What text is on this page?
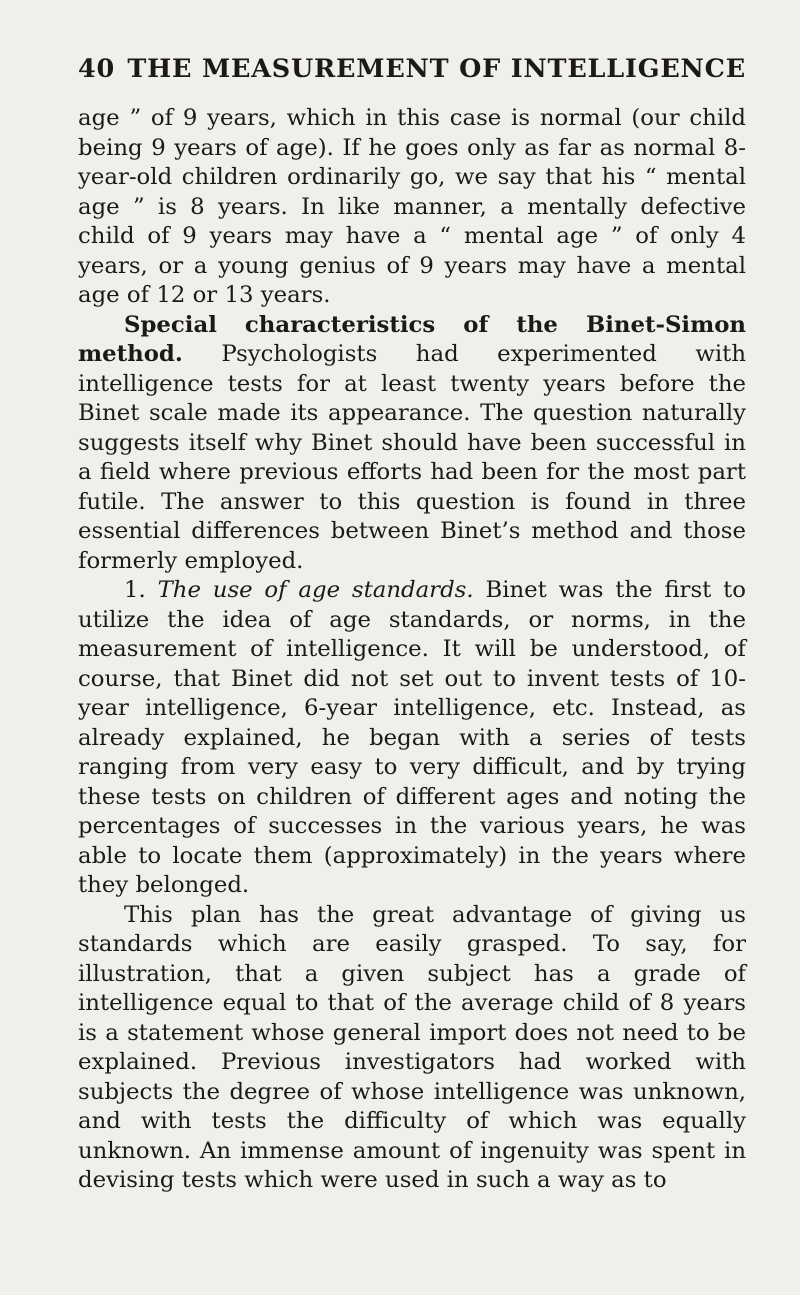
40 THE MEASUREMENT OF INTELLIGENCE

age ” of 9 years, which in this case is normal (our child being 9 years of age). If he goes only as far as normal 8-year-old children ordinarily go, we say that his “ mental age ” is 8 years. In like manner, a mentally defective child of 9 years may have a “ mental age ” of only 4 years, or a young genius of 9 years may have a mental age of 12 or 13 years.

Special characteristics of the Binet-Simon method. Psychologists had experimented with intelligence tests for at least twenty years before the Binet scale made its appearance. The question naturally suggests itself why Binet should have been successful in a field where previous efforts had been for the most part futile. The answer to this question is found in three essential differences between Binet’s method and those formerly employed.

1. The use of age standards. Binet was the first to utilize the idea of age standards, or norms, in the measurement of intelligence. It will be understood, of course, that Binet did not set out to invent tests of 10-year intelligence, 6-year intelligence, etc. Instead, as already explained, he began with a series of tests ranging from very easy to very difficult, and by trying these tests on children of different ages and noting the percentages of successes in the various years, he was able to locate them (approximately) in the years where they belonged.

This plan has the great advantage of giving us standards which are easily grasped. To say, for illustration, that a given subject has a grade of intelligence equal to that of the average child of 8 years is a statement whose general import does not need to be explained. Previous investigators had worked with subjects the degree of whose intelligence was unknown, and with tests the difficulty of which was equally unknown. An immense amount of ingenuity was spent in devising tests which were used in such a way as to
